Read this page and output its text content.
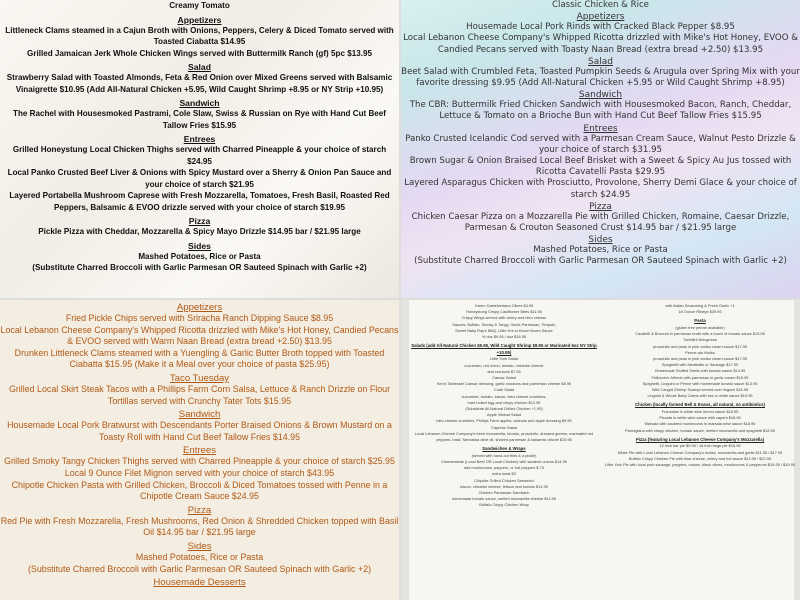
Creamy Tomato

Appetizers

Littleneck Clams steamed in a Cajun Broth with Onions, Peppers, Celery & Diced Tomato served with Toasted Ciabatta $14.95

Grilled Jamaican Jerk Whole Chicken Wings served with Buttermilk Ranch (gf) 5pc $13.95

Salad

Strawberry Salad with Toasted Almonds, Feta & Red Onion over Mixed Greens served with Balsamic Vinaigrette $10.95 (Add All-Natural Chicken +5.95, Wild Caught Shrimp +8.95 or NY Strip +10.95)

Sandwich

The Rachel with Housesmoked Pastrami, Cole Slaw, Swiss & Russian on Rye with Hand Cut Beef Tallow Fries $15.95

Entrees

Grilled Honeystung Local Chicken Thighs served with Charred Pineapple & your choice of starch $24.95

Local Panko Crusted Beef Liver & Onions with Spicy Mustard over a Sherry & Onion Pan Sauce and your choice of starch $21.95

Layered Portabella Mushroom Caprese with Fresh Mozzarella, Tomatoes, Fresh Basil, Roasted Red Peppers, Balsamic & EVOO drizzle served with your choice of starch $19.95

Pizza

Pickle Pizza with Cheddar, Mozzarella & Spicy Mayo Drizzle $14.95 bar / $21.95 large

Sides

Mashed Potatoes, Rice or Pasta

(Substitute Charred Broccoli with Garlic Parmesan OR Sauteed Spinach with Garlic +2)

Classic Chicken & Rice

Appetizers

Housemade Local Pork Rinds with Cracked Black Pepper $8.95

Local Lebanon Cheese Company's Whipped Ricotta drizzled with Mike's Hot Honey, EVOO & Candied Pecans served with Toasty Naan Bread (extra bread +2.50) $13.95

Salad

Beet Salad with Crumbled Feta, Toasted Pumpkin Seeds & Arugula over Spring Mix with your favorite dressing $9.95 (Add All-Natural Chicken +5.95 or Wild Caught Shrimp +8.95)

Sandwich

The CBR: Buttermilk Fried Chicken Sandwich with Housesmoked Bacon, Ranch, Cheddar, Lettuce & Tomato on a Brioche Bun with Hand Cut Beef Tallow Fries $15.95

Entrees

Panko Crusted Icelandic Cod served with a Parmesan Cream Sauce, Walnut Pesto Drizzle & your choice of starch $31.95

Brown Sugar & Onion Braised Local Beef Brisket with a Sweet & Spicy Au Jus tossed with Ricotta Cavatelli Pasta $29.95

Layered Asparagus Chicken with Prosciutto, Provolone, Sherry Demi Glace & your choice of starch $24.95

Pizza

Chicken Caesar Pizza on a Mozzarella Pie with Grilled Chicken, Romaine, Caesar Drizzle, Parmesan & Crouton Seasoned Crust $14.95 bar / $21.95 large

Sides

Mashed Potatoes, Rice or Pasta

(Substitute Charred Broccoli with Garlic Parmesan OR Sauteed Spinach with Garlic +2)

Appetizers

Fried Pickle Chips served with Sriracha Ranch Dipping Sauce $8.95

Local Lebanon Cheese Company's Whipped Ricotta drizzled with Mike's Hot Honey, Candied Pecans & EVOO served with Warm Naan Bread (extra bread +2.50) $13.95

Drunken Littleneck Clams steamed with a Yuengling & Garlic Butter Broth topped with Toasted Ciabatta $15.95 (Make it a Meal over your choice of pasta $25.95)

Taco Tuesday

Grilled Local Skirt Steak Tacos with a Phillips Farm Corn Salsa, Lettuce & Ranch Drizzle on Flour Tortillas served with Crunchy Tater Tots $15.95

Sandwich

Housemade Local Pork Bratwurst with Descendants Porter Braised Onions & Brown Mustard on a Toasty Roll with Hand Cut Beef Tallow Fries $14.95

Entrees

Grilled Smoky Tangy Chicken Thighs served with Charred Pineapple & your choice of starch $25.95

Local 9 Ounce Filet Mignon served with your choice of starch $43.95

Chipotle Chicken Pasta with Grilled Chicken, Broccoli & Diced Tomatoes tossed with Penne in a Chipotle Cream Sauce $24.95

Pizza

Red Pie with Fresh Mozzarella, Fresh Mushrooms, Red Onion & Shredded Chicken topped with Basil Oil $14.95 bar / $21.95 large

Sides

Mashed Potatoes, Rice or Pasta

(Substitute Charred Broccoli with Garlic Parmesan OR Sauteed Spinach with Garlic +2)

Housemade Desserts

Green Castelvetrano Olives $4.95

Honeystung Crispy Cauliflower Bites $11.95

Crispy Wings served with celery and bleu cheese

Sauces: Buffalo, Smoky & Tangy, Garlic Parmesan, Teriyaki,

Sweet Baby Ray's BBQ, Little Hot or Boom Boom Sauce

% doz $9.95 / doz $16.95

Salads (add All-Natural Chicken $5.95, Wild Caught Shrimp $8.95 or Marinated 6oz NY Strip +10.95)

Little York Salad

cucumber, red onion, tomato, cheddar cheese

and croutons $7.95

Caesar Salad

Ken's Tableside Caesar dressing, garlic croutons and parmesan cheese $8.95

Cobb Salad

cucumber, tomato, bacon, bleu cheese crumbles,

hard boiled egg and crispy chicken $12.95

(Substitute All-Natural Grilled Chicken +1.95)

Apple Walnut Salad

bleu cheese crumbles, Phillips Farm apples, walnuts and apple dressing $9.95

Caprese Salad

Local Lebanon Cheese Company's fresh mozzarella, tomato, prosciutto, dressed greens, marinated red peppers, basil, Nebraska olive oil, shaved parmesan & balsamic drizzle $15.95

Sandwiches & Wraps

(served with hand-cut fries & a pickle)

Cheesesteak (Local Beef OR Local Chicken) with sauteed onions $14.95

add mushrooms, peppers, or hot peppers $.75

extra meat $3

Chipotle Grilled Chicken Sandwich

bacon, cheddar cheese, lettuce and tomato $14.95

Chicken Parmesan Sandwich

homemade tomato sauce, melted mozzarella cheese $14.95

Buffalo Crispy Chicken Wrap

with Italian Seasoning & Fresh Garlic +1

16 Ounce Ribeye $39.95

Pasta

(gluten free penne available)

Cavatelli & Broccoli in parmesan broth with a touch of tomato sauce $15.95

Tortellini Bolognese

prosciutto and peas in pink vodka cream sauce $17.95

Penne ala Vodka

prosciutto and peas in pink vodka cream sauce $17.95

Spaghetti with Meatballs or Sausage $17.95

Homemade Stuffed Shells with tomato sauce $14.95

Fettuccine Alfredo with parmesan in garlic cream $16.95

Spaghetti, Linguini or Penne with homemade tomato sauce $13.95

Wild Caught Shrimp Scampi served over linguini $16.95

Linguini & Whole Baby Clams with red or white sauce $19.95

Chicken (locally farmed Bell & Evans, all natural, no antibiotics)

Francaise in white wine lemon sauce $18.95

Piccata in white wine sauce with capers $18.95

Marsala with sauteed mushrooms in marsala wine sauce $18.95

Parmigiana with crispy chicken, tomato sauce, melted mozzarella and spaghetti $18.95

Pizza (featuring Local Lebanon Cheese Company's Mozzarella)

12 inch bar pie $9.95 / 16 inch large pie $16.95

White Pie with Local Lebanon Cheese Company's ricotta, mozzarella and garlic $11.95 / $17.95

Buffalo Crispy Chicken Pie with blue cheese, celery and hot sauce $13.95 / $22.95

Little York Pie with local pork sausage, peppers, onions, black olives, mushrooms & pepperoni $15.95 / $19.95
